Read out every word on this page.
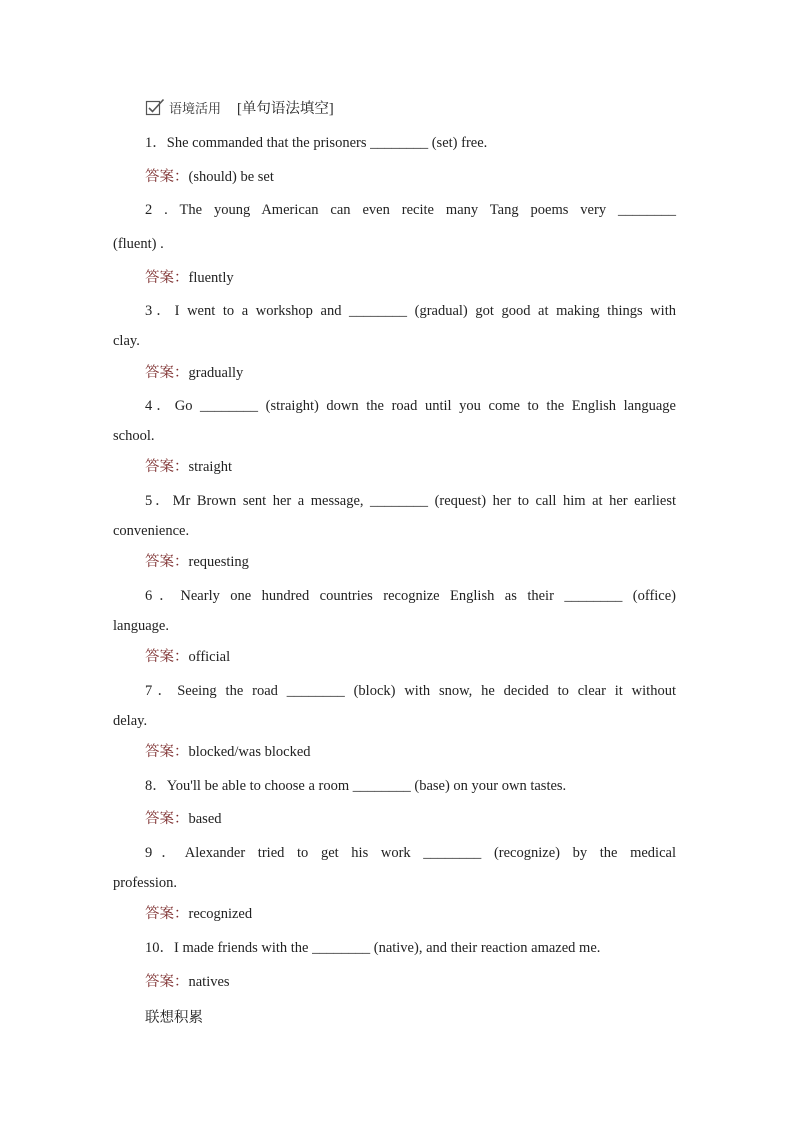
语境活用 [单句语法填空]
1．She commanded that the prisoners ________ (set) free.
答案：(should) be set
2 . The young American can even recite many Tang poems very ________
(fluent) .
答案：fluently
3．I went to a workshop and ________ (gradual) got good at making things with
clay.
答案：gradually
4．Go ________ (straight) down the road until you come to the English language
school.
答案：straight
5．Mr Brown sent her a message, ________ (request) her to call him at her earliest
convenience.
答案：requesting
6．Nearly one hundred countries recognize English as their ________ (office)
language.
答案：official
7．Seeing the road ________ (block) with snow, he decided to clear it without
delay.
答案：blocked/was blocked
8．You'll be able to choose a room ________ (base) on your own tastes.
答案：based
9．Alexander tried to get his work ________ (recognize) by the medical
profession.
答案：recognized
10．I made friends with the ________ (native), and their reaction amazed me.
答案：natives
联想积累
